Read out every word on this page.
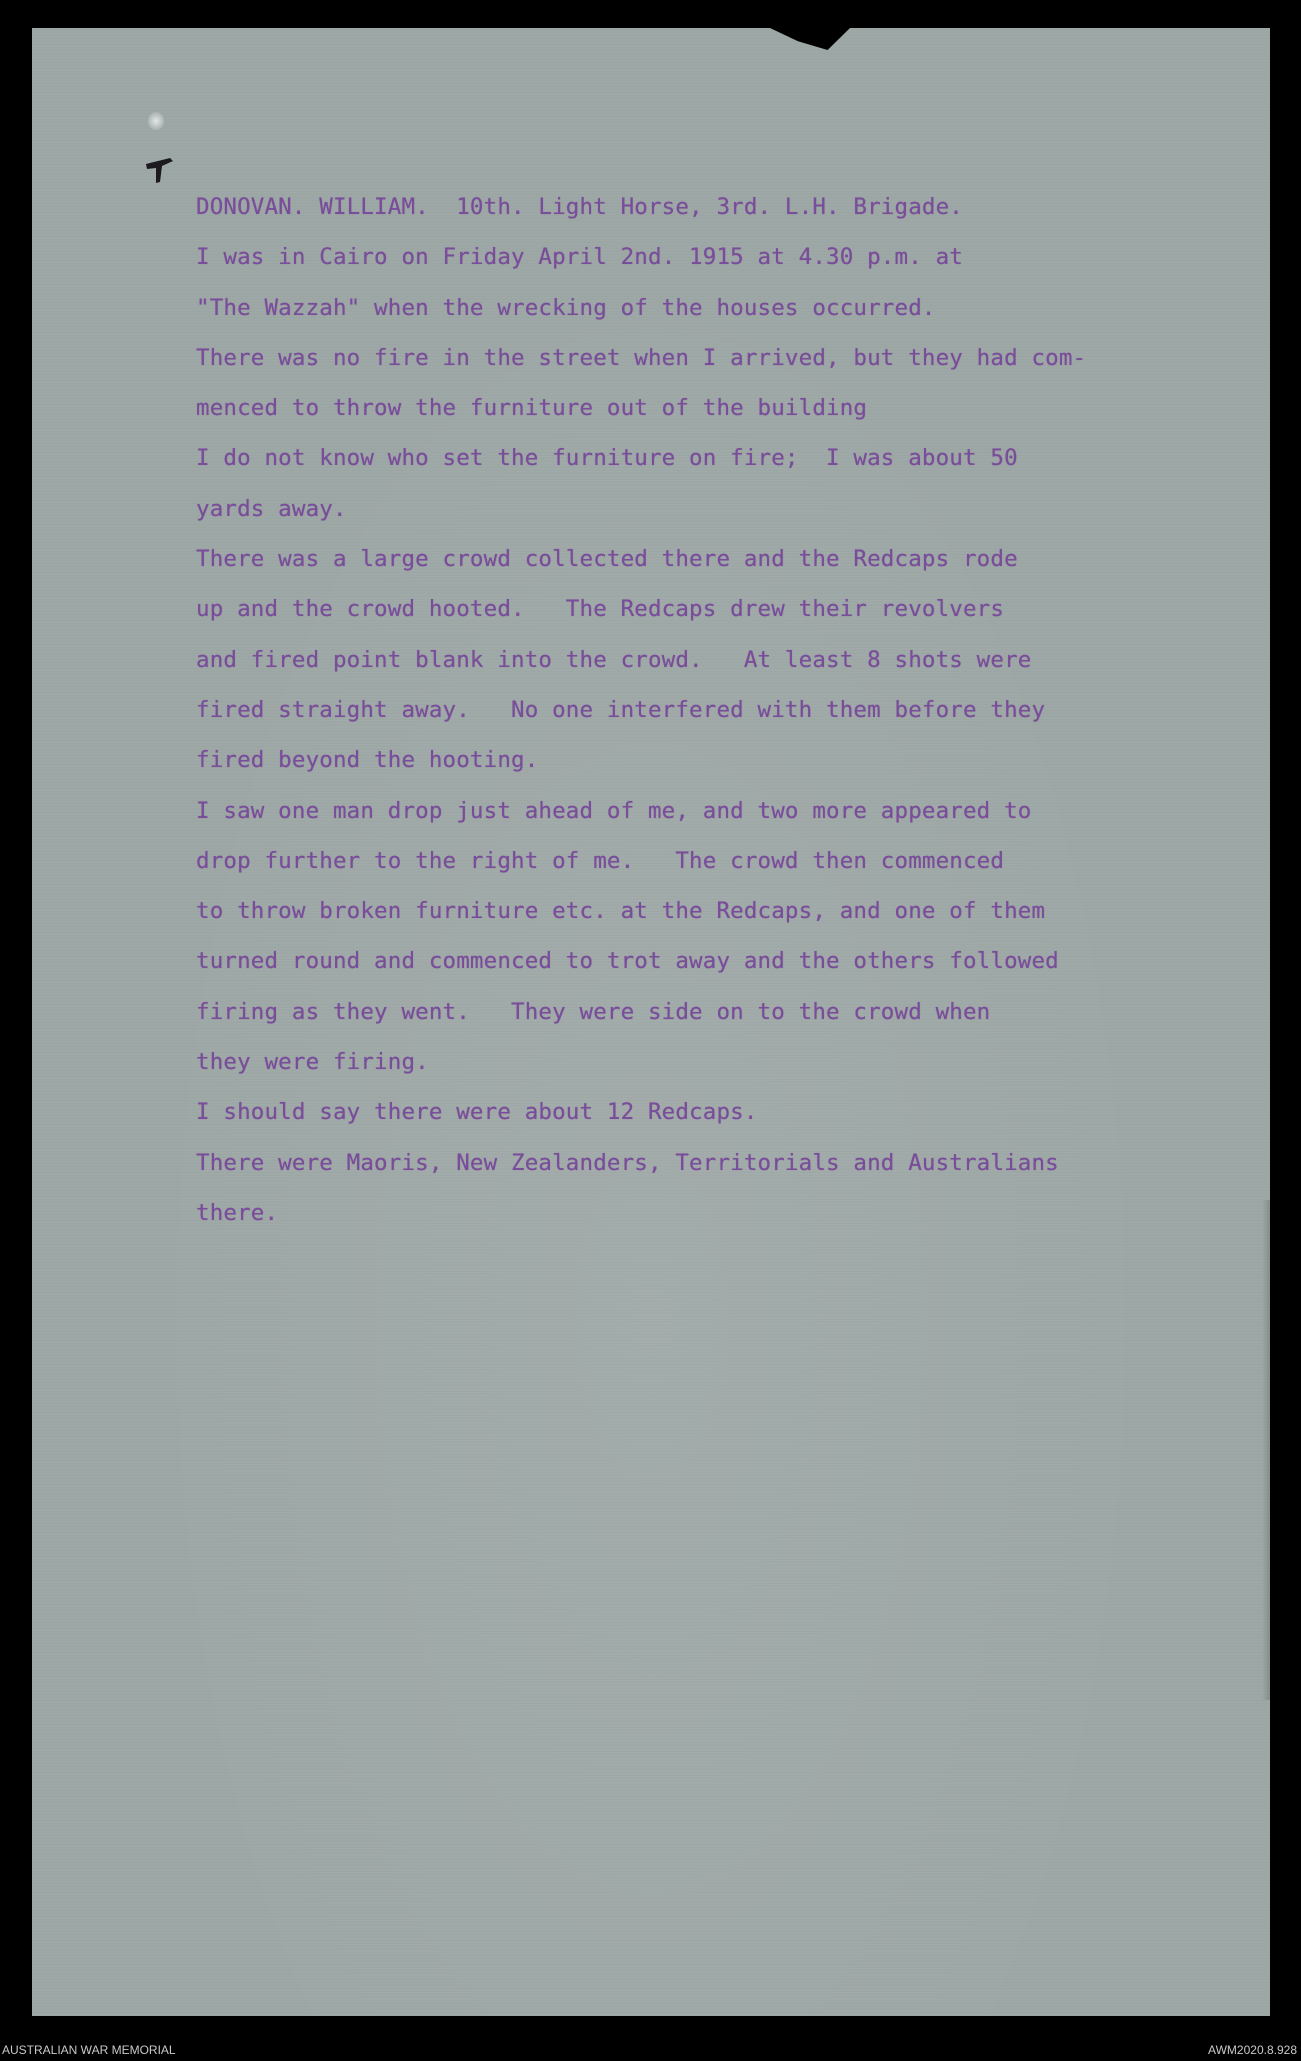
DONOVAN. WILLIAM.  10th. Light Horse, 3rd. L.H. Brigade.
I was in Cairo on Friday April 2nd. 1915 at 4.30 p.m. at
"The Wazzah" when the wrecking of the houses occurred.
There was no fire in the street when I arrived, but they had com-
menced to throw the furniture out of the building
I do not know who set the furniture on fire;  I was about 50
yards away.
There was a large crowd collected there and the Redcaps rode
up and the crowd hooted.   The Redcaps drew their revolvers
and fired point blank into the crowd.   At least 8 shots were
fired straight away.   No one interfered with them before they
fired beyond the hooting.
I saw one man drop just ahead of me, and two more appeared to
drop further to the right of me.   The crowd then commenced
to throw broken furniture etc. at the Redcaps, and one of them
turned round and commenced to trot away and the others followed
firing as they went.   They were side on to the crowd when
they were firing.
I should say there were about 12 Redcaps.
There were Maoris, New Zealanders, Territorials and Australians
there.
AUSTRALIAN WAR MEMORIAL	AWM2020.8.928
